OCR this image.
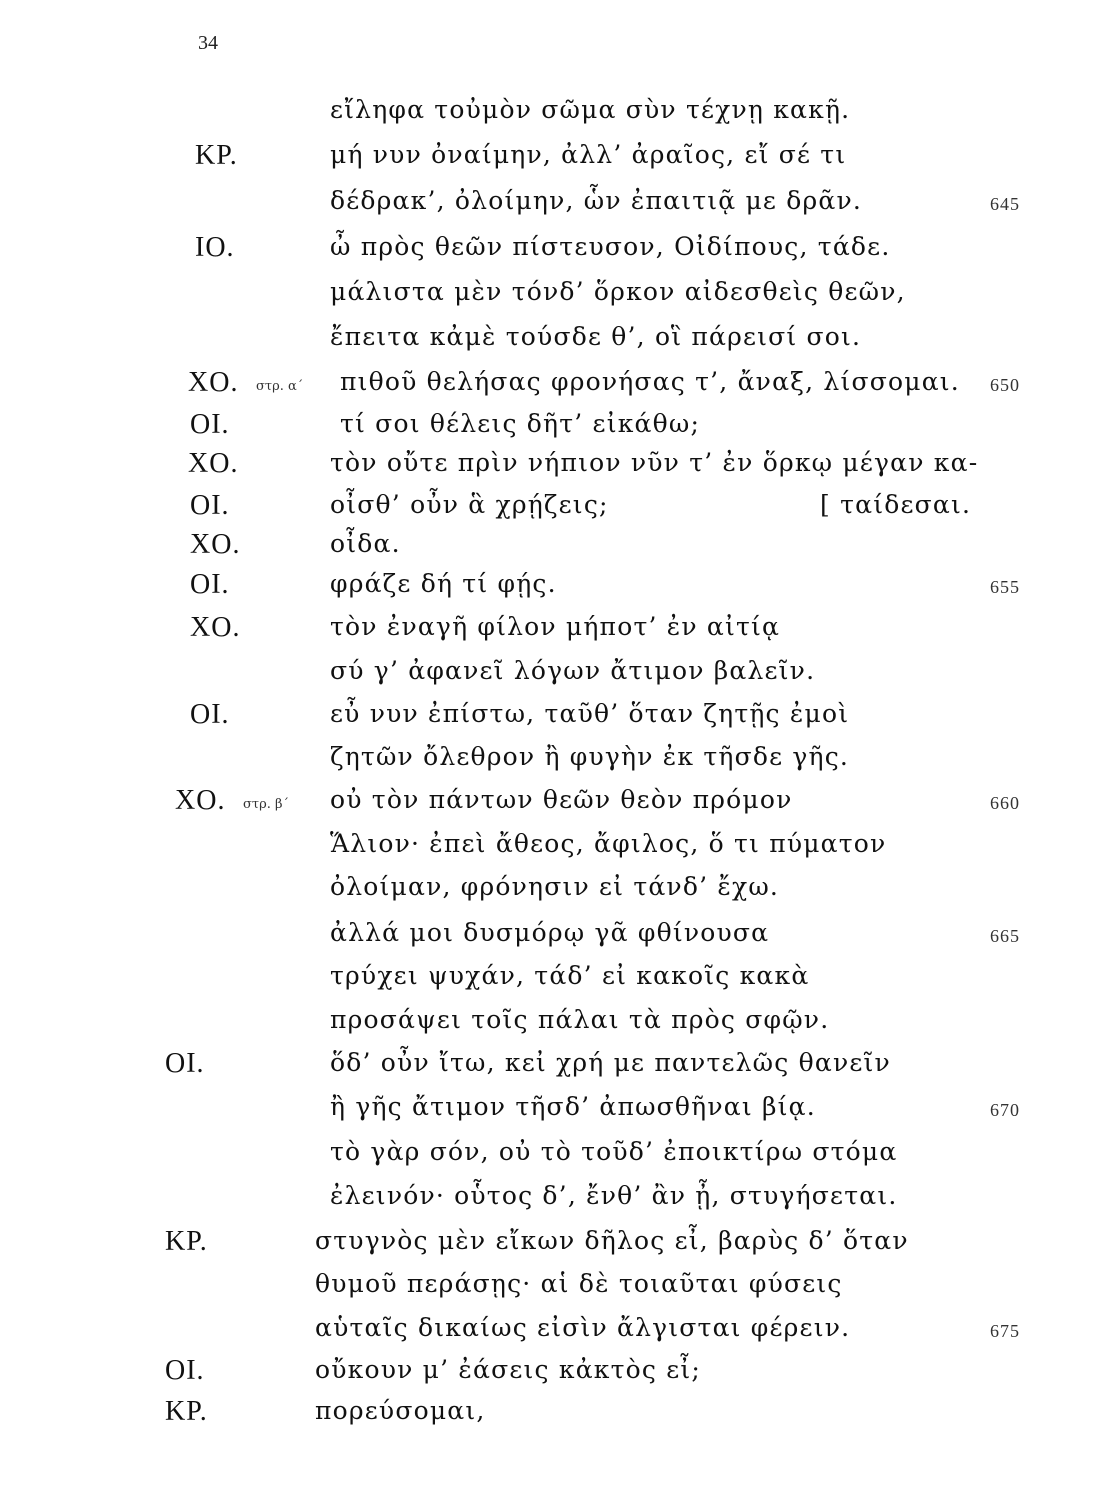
34
εἴληφα τοὐμὸν σῶμα σὺν τέχνῃ κακῇ.
ΚΡ.	μή νυν ὀναίμην, ἀλλ’ ἀραῖος, εἴ σέ τι
δέδρακ’, ὀλοίμην, ὧν ἐπαιτιᾷ με δρᾶν.	645
ΙΟ.	ὦ πρὸς θεῶν πίστευσον, Οἰδίπους, τάδε.
μάλιστα μὲν τόνδ’ ὅρκον αἰδεσθεὶς θεῶν,
ἔπειτα κἀμὲ τούσδε θ’, οἳ πάρεισί σοι.
ΧΟ. στρ. α΄ πιθοῦ θελήσας φρονήσας τ’, ἄναξ, λίσσομαι.	650
ΟΙ.	τί σοι θέλεις δῆτ’ εἰκάθω;
ΧΟ.	τὸν οὔτε πρὶν νήπιον νῦν τ’ ἐν ὅρκῳ μέγαν κα-
ΟΙ.	οἶσθ’ οὖν ἃ χρῄζεις;	[ ταίδεσαι.
ΧΟ.	οἶδα.
ΟΙ.	φράζε δή τί φῄς.	655
ΧΟ.	τὸν ἐναγῆ φίλον μήποτ’ ἐν αἰτίᾳ
σύ γ’ ἀφανεῖ λόγων ἄτιμον βαλεῖν.
ΟΙ.	εὖ νυν ἐπίστω, ταῦθ’ ὅταν ζητῇς ἐμοὶ
ζητῶν ὄλεθρον ἢ φυγὴν ἐκ τῆσδε γῆς.
ΧΟ. στρ. β΄ οὐ τὸν πάντων θεῶν θεὸν πρόμον	660
Ἅλιον· ἐπεὶ ἄθεος, ἄφιλος, ὅ τι πύματον
ὀλοίμαν, φρόνησιν εἰ τάνδ’ ἔχω.
ἀλλά μοι δυσμόρῳ γᾶ φθίνουσα	665
τρύχει ψυχάν, τάδ’ εἰ κακοῖς κακὰ
προσάψει τοῖς πάλαι τὰ πρὸς σφῷν.
ΟΙ.	ὅδ’ οὖν ἴτω, κεἰ χρή με παντελῶς θανεῖν
ἢ γῆς ἄτιμον τῆσδ’ ἀπωσθῆναι βίᾳ.	670
τὸ γὰρ σόν, οὐ τὸ τοῦδ’ ἐποικτίρω στόμα
ἐλεινόν· οὗτος δ’, ἔνθ’ ἂν ᾖ, στυγήσεται.
ΚΡ.	στυγνὸς μὲν εἴκων δῆλος εἶ, βαρὺς δ’ ὅταν
θυμοῦ περάσῃς· αἱ δὲ τοιαῦται φύσεις
αὑταῖς δικαίως εἰσὶν ἄλγισται φέρειν.	675
ΟΙ.	οὔκουν μ’ ἐάσεις κἀκτὸς εἶ;
ΚΡ.	πορεύσομαι,
